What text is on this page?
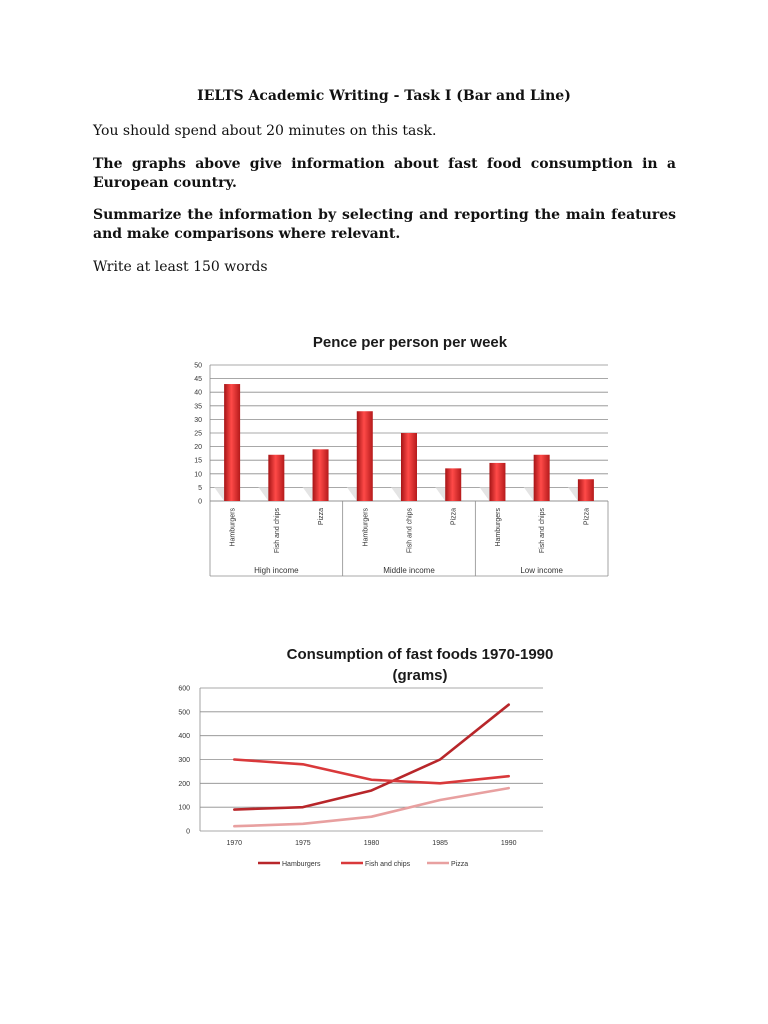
IELTS Academic Writing - Task I (Bar and Line)
You should spend about 20 minutes on this task.
The graphs above give information about fast food consumption in a European country.
Summarize the information by selecting and reporting the main features and make comparisons where relevant.
Write at least 150 words
Pence per person per week
Consumption of fast foods 1970-1990
(grams)
0
5
10
15
20
25
30
35
40
45
50
Hamburgers	Fish and chips	Pizza
High income
Hamburgers	Fish and chips	Pizza
Middle income
Hamburgers	Fish and chips	Pizza
Low income
0
100
200
300
400
500
600
1970	1975	1980	1985	1990
Hamburgers	Fish and chips	Pizza
